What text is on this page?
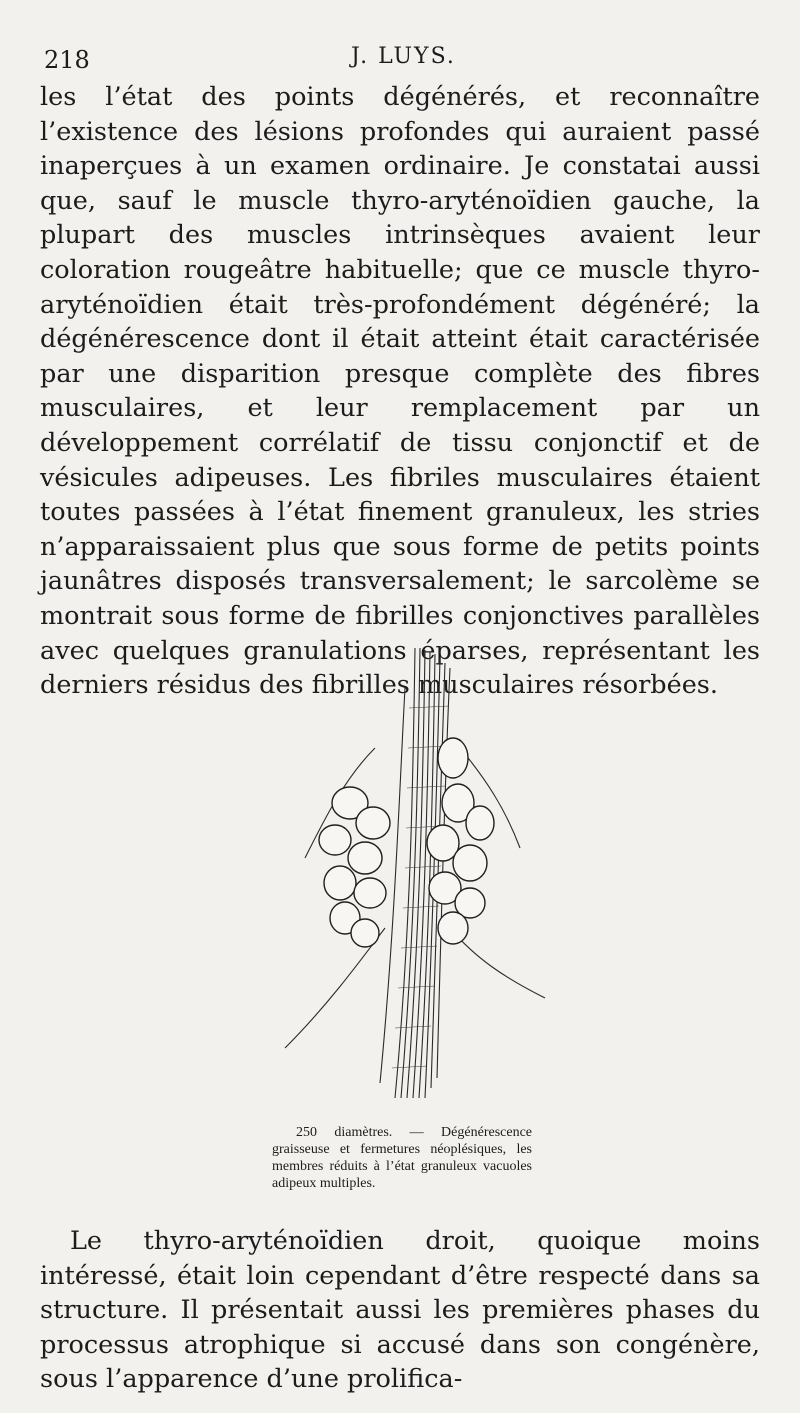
218	J. LUYS.

les l’état des points dégénérés, et reconnaître l’existence des lésions profondes qui auraient passé inaperçues à un examen ordinaire. Je constatai aussi que, sauf le muscle thyro-aryténoïdien gauche, la plupart des muscles intrinsèques avaient leur coloration rougeâtre habituelle; que ce muscle thyro-aryténoïdien était très-profondément dégénéré; la dégénérescence dont il était atteint était caractérisée par une disparition presque complète des fibres musculaires, et leur remplacement par un développement corrélatif de tissu conjonctif et de vésicules adipeuses. Les fibriles musculaires étaient toutes passées à l’état finement granuleux, les stries n’apparaissaient plus que sous forme de petits points jaunâtres disposés transversalement; le sarcolème se montrait sous forme de fibrilles conjonctives parallèles avec quelques granulations éparses, représentant les derniers résidus des fibrilles musculaires résorbées.

250 diamètres. — Dégénérescence graisseuse et fermetures néoplésiques, les membres réduits à l’état granuleux vacuoles adipeux multiples.

Le thyro-aryténoïdien droit, quoique moins intéressé, était loin cependant d’être respecté dans sa structure. Il présentait aussi les premières phases du processus atrophique si accusé dans son congénère, sous l’apparence d’une prolifica-
